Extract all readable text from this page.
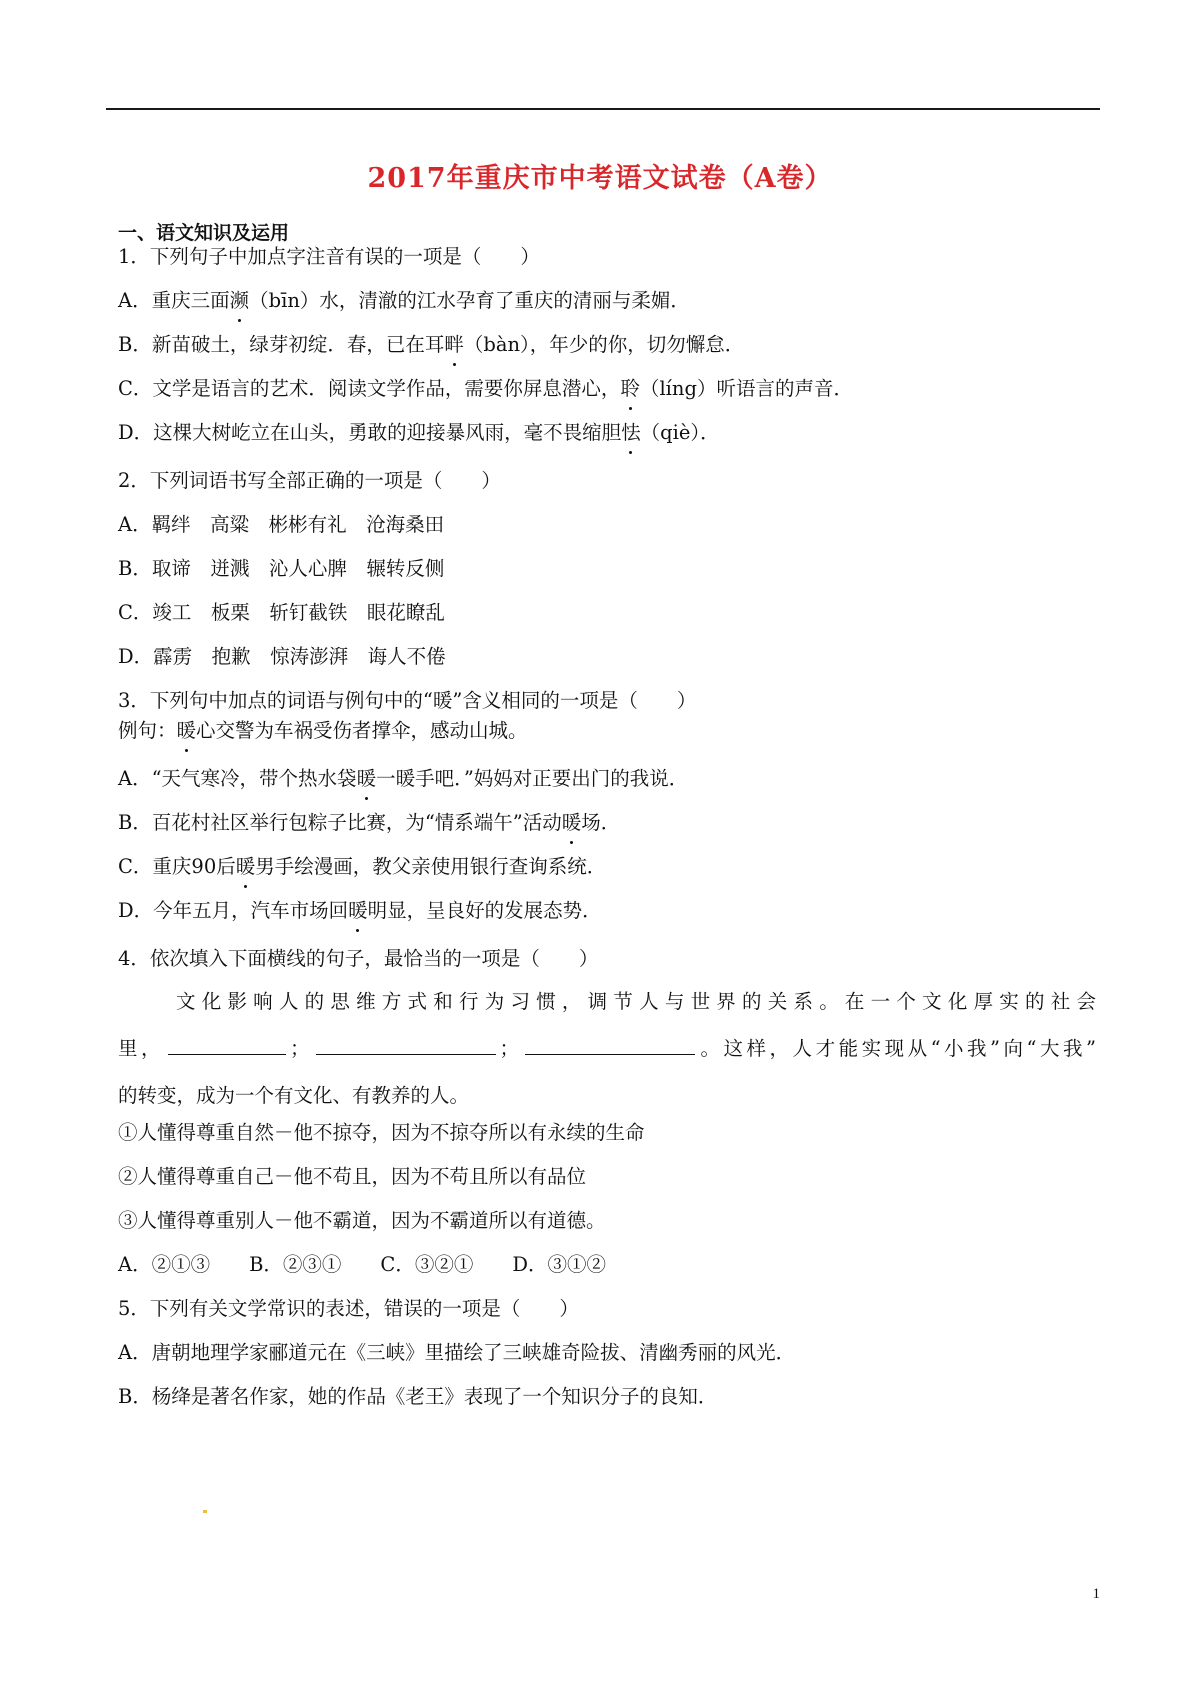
2017年重庆市中考语文试卷（A卷）
一、语文知识及运用
1．下列句子中加点字注音有误的一项是（　　）
A．重庆三面濒（bīn）水，清澈的江水孕育了重庆的清丽与柔媚．
B．新苗破土，绿芽初绽．春，已在耳畔（bàn），年少的你，切勿懈怠．
C．文学是语言的艺术．阅读文学作品，需要你屏息潜心，聆（líng）听语言的声音．
D．这棵大树屹立在山头，勇敢的迎接暴风雨，毫不畏缩胆怯（qiè）．
2．下列词语书写全部正确的一项是（　　）
A．羁绊　高粱　彬彬有礼　沧海桑田
B．取谛　迸溅　沁人心脾　辗转反侧
C．竣工　板栗　斩钉截铁　眼花瞭乱
D．霹雳　抱歉　惊涛澎湃　诲人不倦
3．下列句中加点的词语与例句中的“暖”含义相同的一项是（　　）
例句：暖心交警为车祸受伤者撑伞，感动山城。
A．“天气寒冷，带个热水袋暖一暖手吧．”妈妈对正要出门的我说．
B．百花村社区举行包粽子比赛，为“情系端午”活动暖场．
C．重庆90后暖男手绘漫画，教父亲使用银行查询系统．
D．今年五月，汽车市场回暖明显，呈良好的发展态势．
4．依次填入下面横线的句子，最恰当的一项是（　　）
文化影响人的思维方式和行为习惯，调节人与世界的关系。在一个文化厚实的社会
里，	；	；	。这样，人才能实现从“小我”向“大我”
的转变，成为一个有文化、有教养的人。
①人懂得尊重自然－他不掠夺，因为不掠夺所以有永续的生命
②人懂得尊重自己－他不苟且，因为不苟且所以有品位
③人懂得尊重别人－他不霸道，因为不霸道所以有道德。
A．②①③　　B．②③①　　C．③②①　　D．③①②
5．下列有关文学常识的表述，错误的一项是（　　）
A．唐朝地理学家郦道元在《三峡》里描绘了三峡雄奇险拔、清幽秀丽的风光．
B．杨绛是著名作家，她的作品《老王》表现了一个知识分子的良知．
1
